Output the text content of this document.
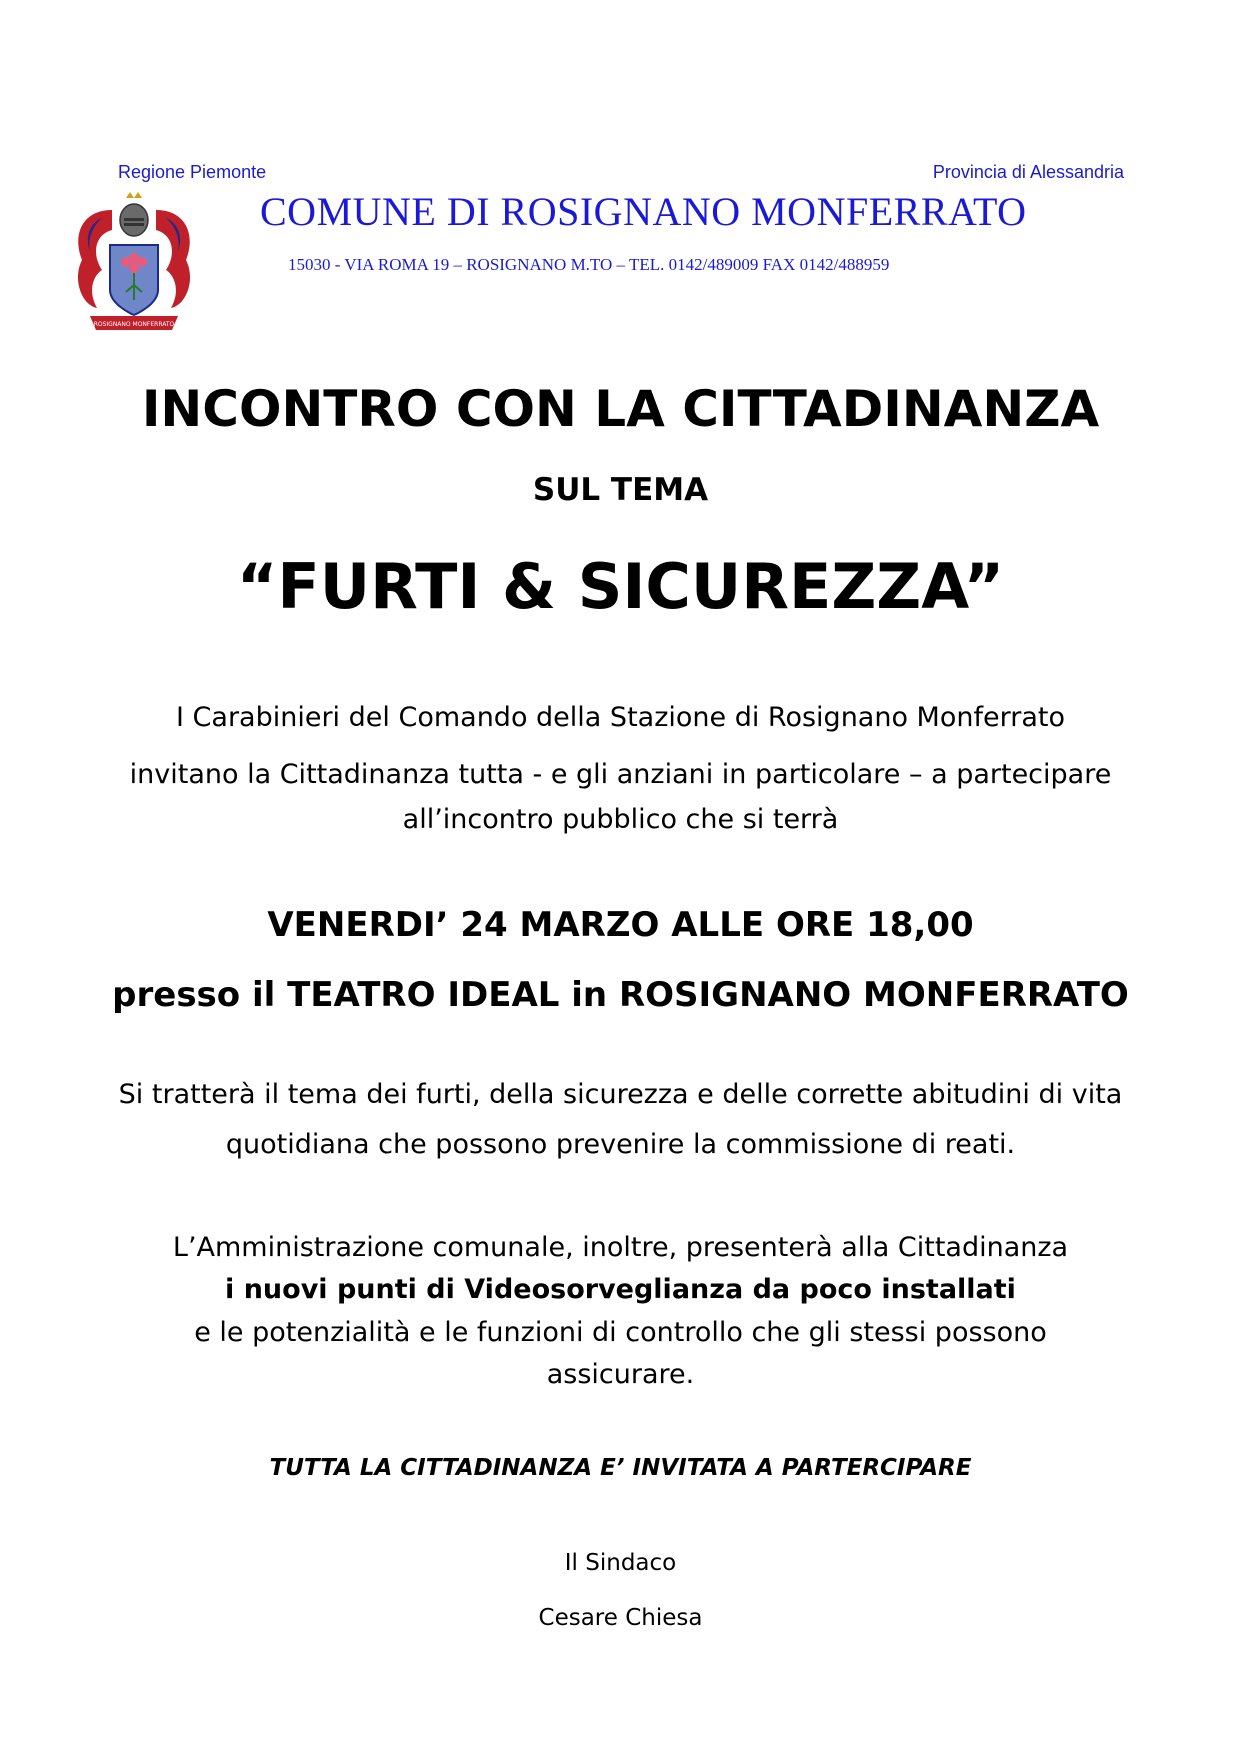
Regione Piemonte	Provincia di Alessandria
ROSIGNANO MONFERRATO
COMUNE DI ROSIGNANO MONFERRATO
15030 - VIA ROMA 19 – ROSIGNANO M.TO – TEL. 0142/489009 FAX 0142/488959
INCONTRO CON LA CITTADINANZA
SUL TEMA
“FURTI & SICUREZZA”
I Carabinieri del Comando della Stazione di Rosignano Monferrato
invitano la Cittadinanza tutta - e gli anziani in particolare – a partecipare
all’incontro pubblico che si terrà
VENERDI’ 24 MARZO ALLE ORE 18,00
presso il TEATRO IDEAL in ROSIGNANO MONFERRATO
Si tratterà il tema dei furti, della sicurezza e delle corrette abitudini di vita
quotidiana che possono prevenire la commissione di reati.
L’Amministrazione comunale, inoltre, presenterà alla Cittadinanza
i nuovi punti di Videosorveglianza da poco installati
e le potenzialità e le funzioni di controllo che gli stessi possono
assicurare.
TUTTA LA CITTADINANZA E’ INVITATA A PARTERCIPARE
Il Sindaco
Cesare Chiesa
